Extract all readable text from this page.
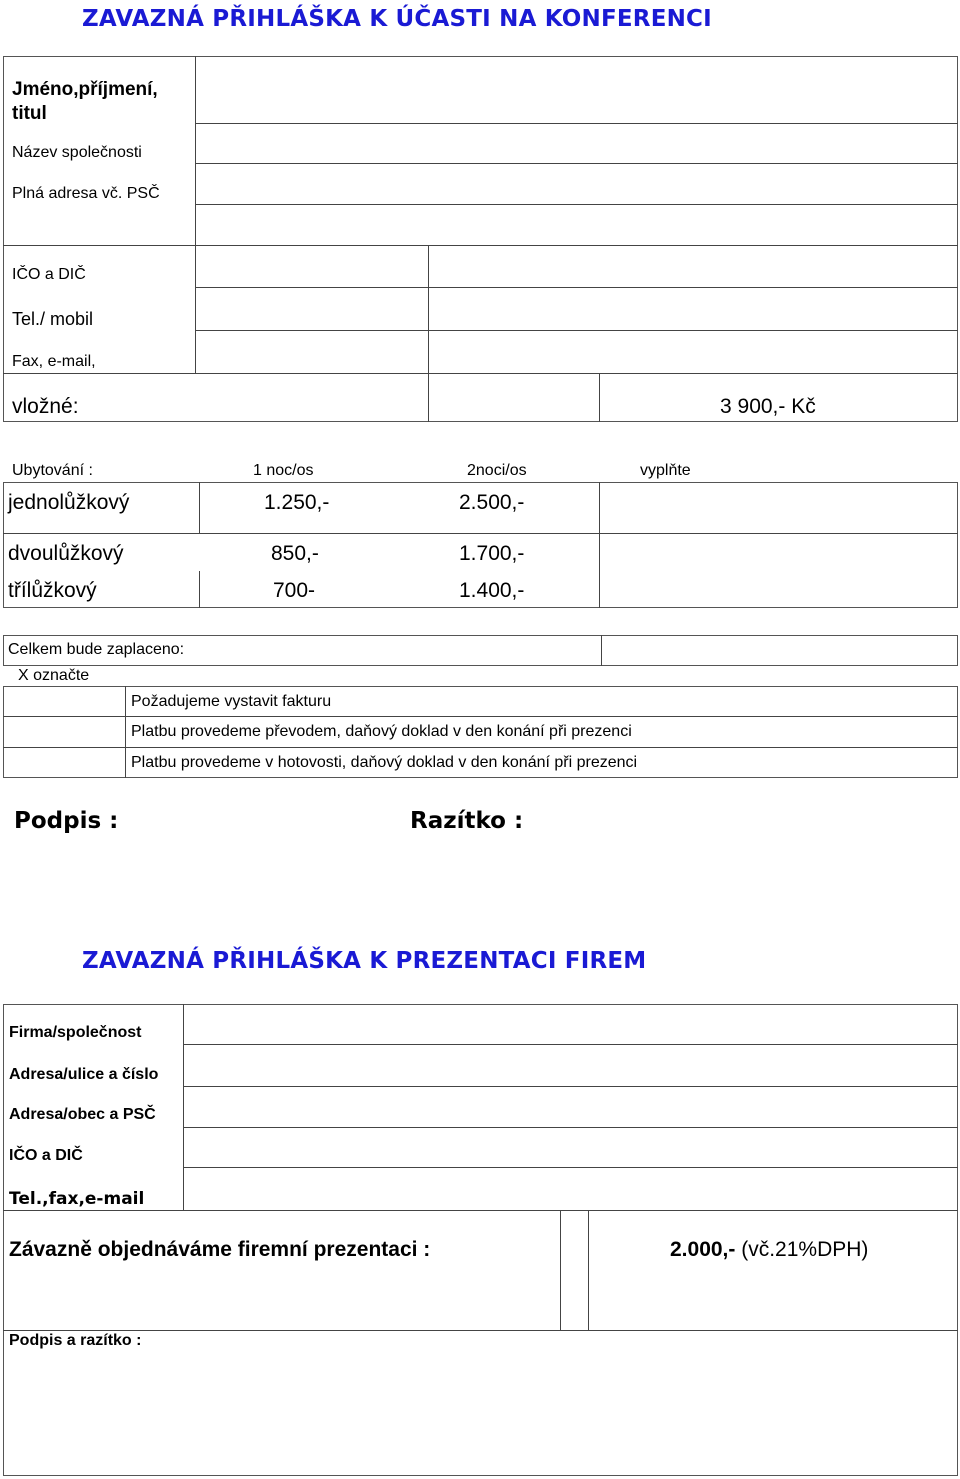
ZAVAZNÁ PŘIHLÁŠKA K ÚČASTI NA KONFERENCI
Jméno,příjmení, titul
Název společnosti
Plná adresa vč. PSČ
IČO a DIČ
Tel./ mobil
Fax, e-mail,
vložné:	3 900,- Kč
Ubytování :	1 noc/os	2noci/os	vyplňte
jednolůžkový	1.250,-	2.500,-
dvoulůžkový	850,-	1.700,-
třílůžkový	700-	1.400,-
Celkem bude zaplaceno:
X označte
Požadujeme vystavit fakturu
Platbu provedeme převodem, daňový doklad v den konání při prezenci
Platbu provedeme v hotovosti, daňový doklad v den konání při prezenci
Podpis :	Razítko :
ZAVAZNÁ PŘIHLÁŠKA K PREZENTACI FIREM
Firma/společnost
Adresa/ulice a číslo
Adresa/obec a PSČ
IČO a DIČ
Tel.,fax,e-mail
Závazně objednáváme firemní prezentaci :	2.000,- (vč.21%DPH)
Podpis a razítko :
